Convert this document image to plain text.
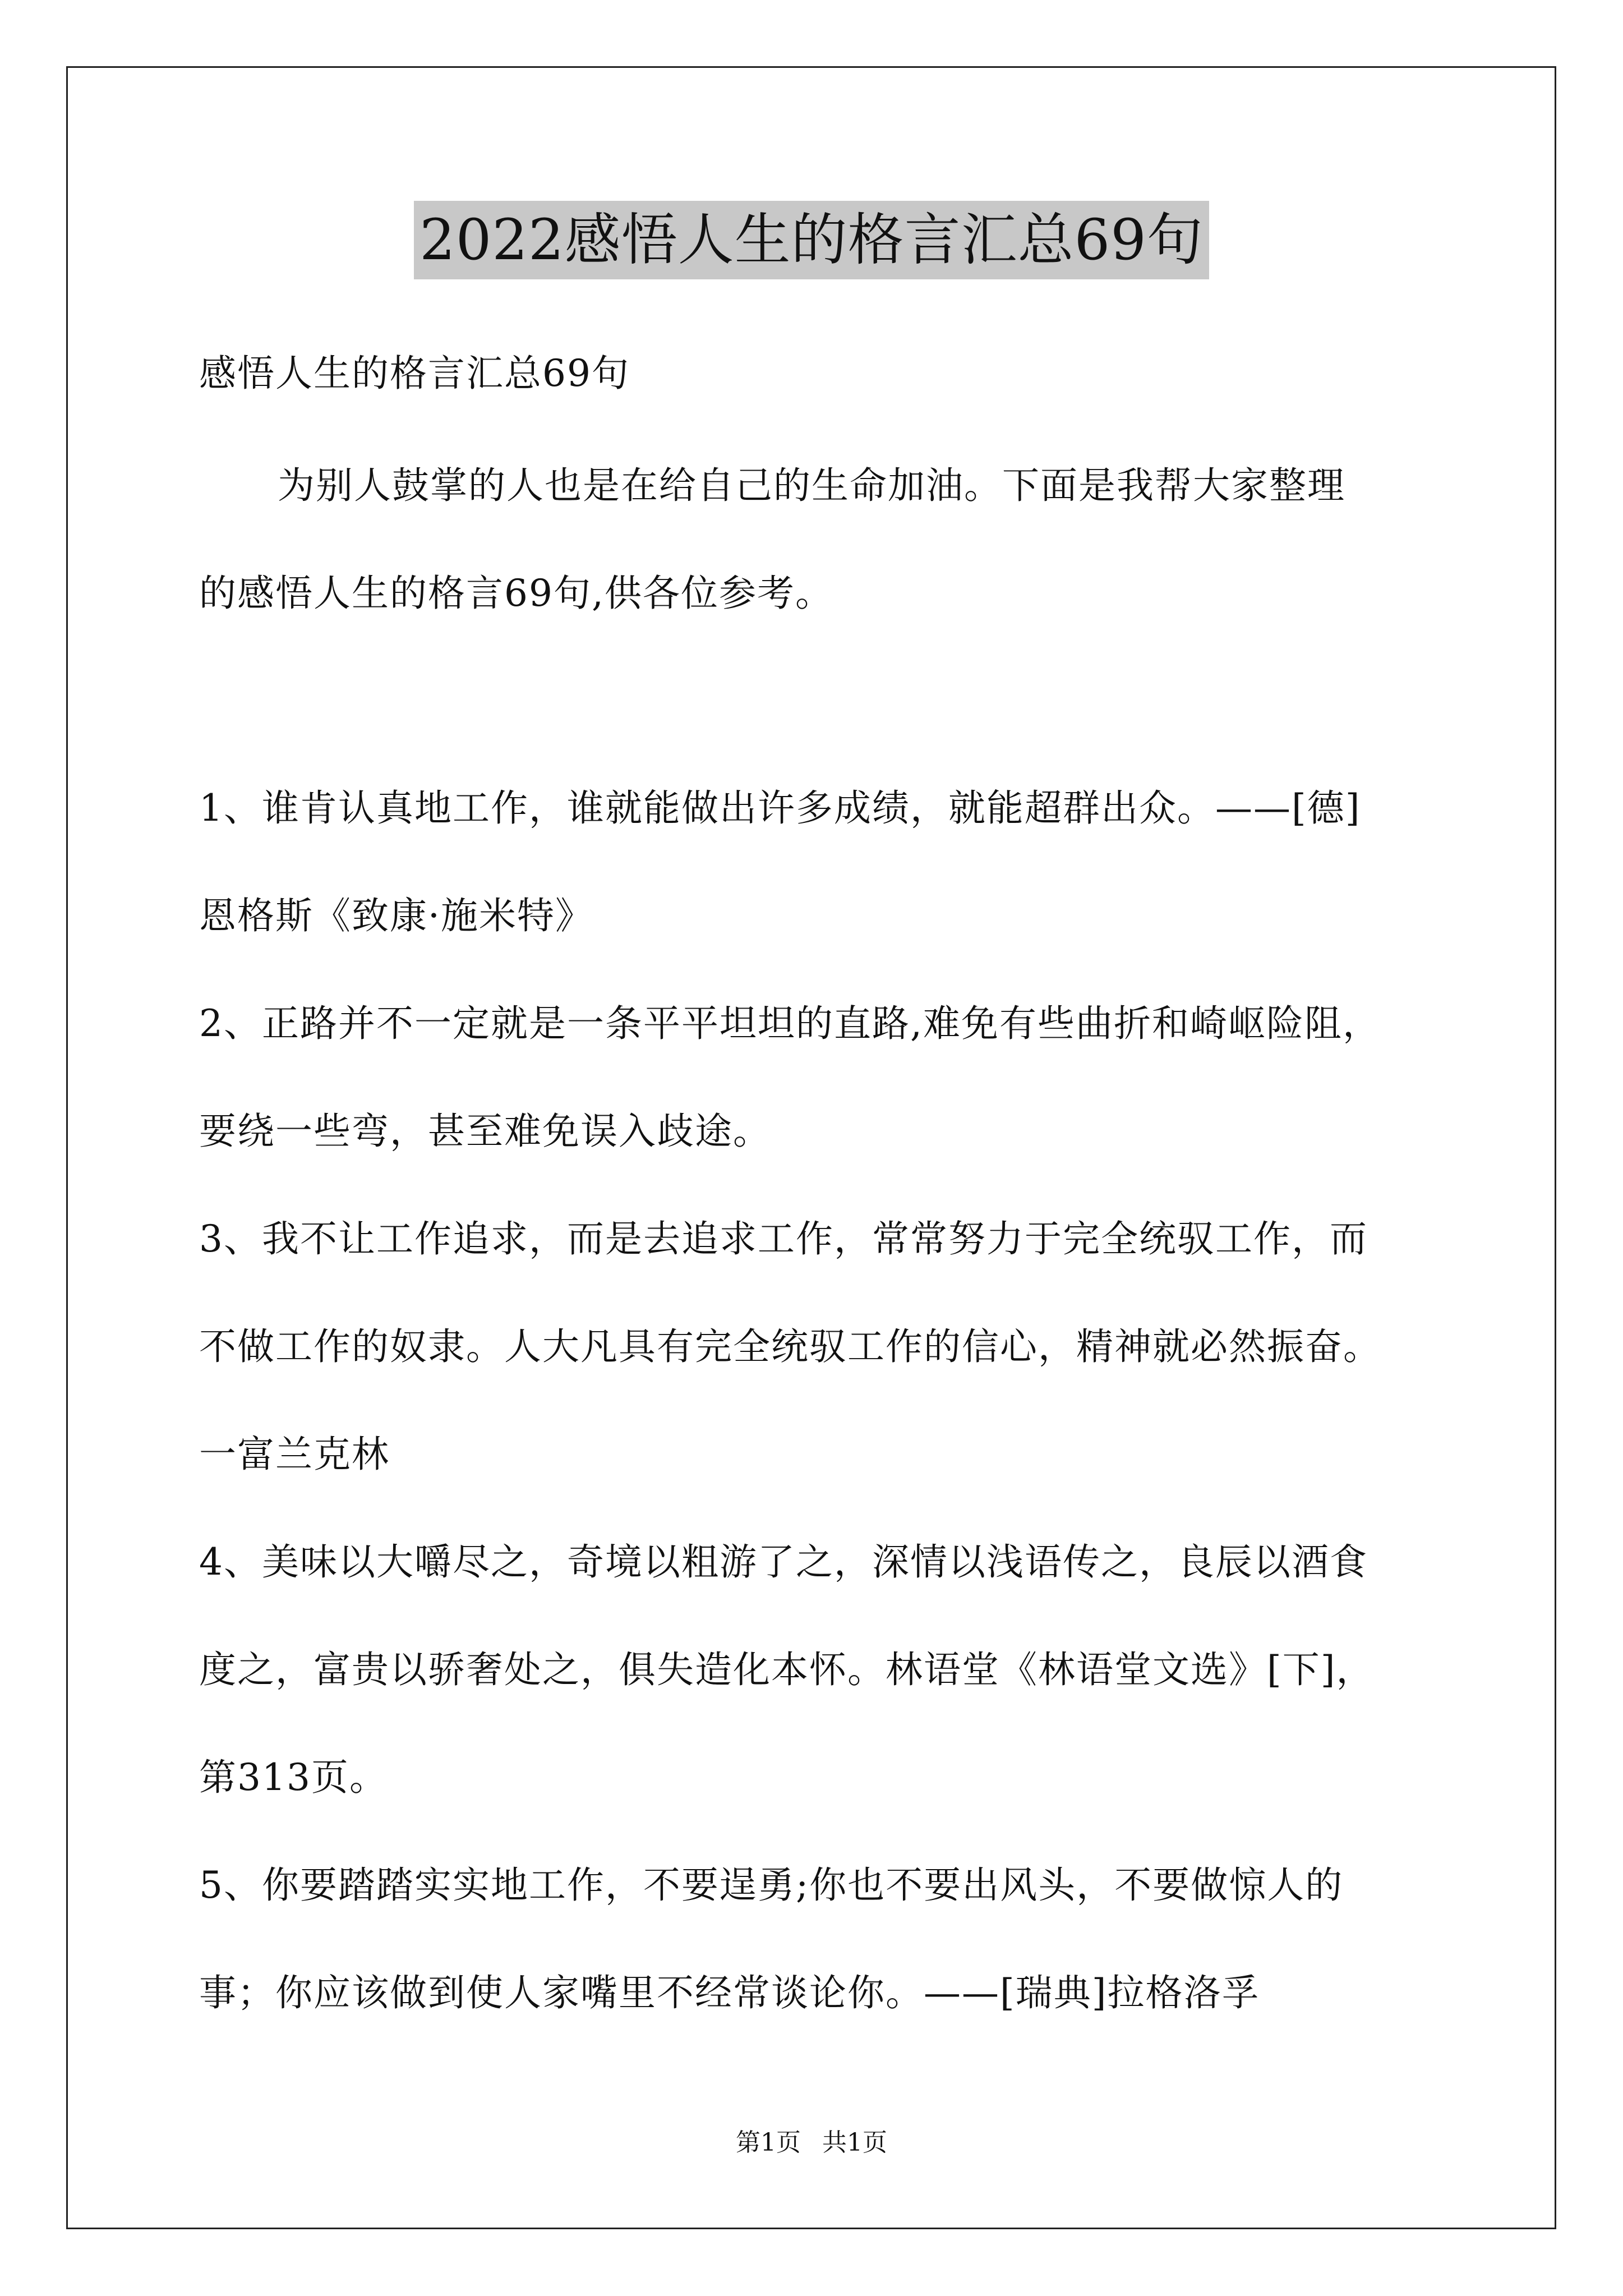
2022感悟人生的格言汇总69句
感悟人生的格言汇总69句
为别人鼓掌的人也是在给自己的生命加油。下面是我帮大家整理
的感悟人生的格言69句,供各位参考。
1、谁肯认真地工作，谁就能做出许多成绩，就能超群出众。——[德]
恩格斯《致康·施米特》
2、正路并不一定就是一条平平坦坦的直路,难免有些曲折和崎岖险阻，
要绕一些弯，甚至难免误入歧途。
3、我不让工作追求，而是去追求工作，常常努力于完全统驭工作，而
不做工作的奴隶。人大凡具有完全统驭工作的信心，精神就必然振奋。
一富兰克林
4、美味以大嚼尽之，奇境以粗游了之，深情以浅语传之，良辰以酒食
度之，富贵以骄奢处之，俱失造化本怀。林语堂《林语堂文选》[下]，
第313页。
5、你要踏踏实实地工作，不要逞勇;你也不要出风头，不要做惊人的
事；你应该做到使人家嘴里不经常谈论你。——[瑞典]拉格洛孚
第1页 共1页
